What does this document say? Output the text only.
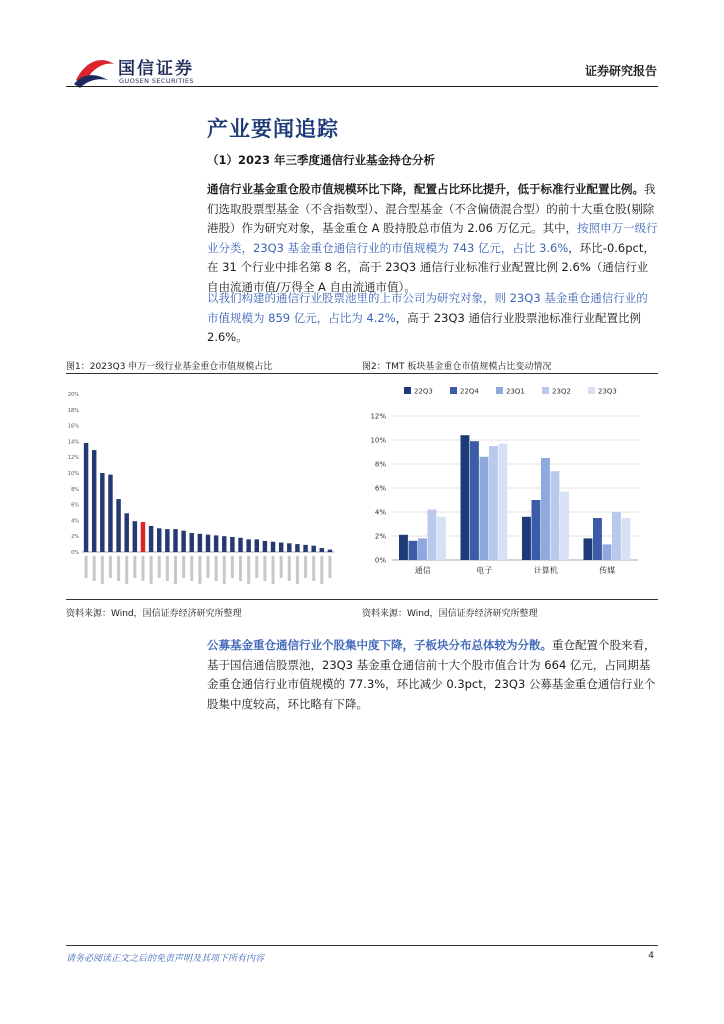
国信证券
GUOSEN SECURITIES
证券研究报告
产业要闻追踪
（1）2023 年三季度通信行业基金持仓分析
通信行业基金重仓股市值规模环比下降，配置占比环比提升，低于标准行业配置比例。我们选取股票型基金（不含指数型）、混合型基金（不含偏债混合型）的前十大重仓股(剔除港股）作为研究对象，基金重仓 A 股持股总市值为 2.06 万亿元。其中，按照申万一级行业分类，23Q3 基金重仓通信行业的市值规模为 743 亿元，占比 3.6%，环比-0.6pct，在 31 个行业中排名第 8 名，高于 23Q3 通信行业标准行业配置比例 2.6%（通信行业自由流通市值/万得全 A 自由流通市值）。
以我们构建的通信行业股票池里的上市公司为研究对象，则 23Q3 基金重仓通信行业的市值规模为 859 亿元，占比为 4.2%，高于 23Q3 通信行业股票池标准行业配置比例 2.6%。
图1：2023Q3 申万一级行业基金重仓市值规模占比	图2：TMT 板块基金重仓市值规模占比变动情况
0%
2%
4%
6%
8%
10%
12%
14%
16%
18%
20%	22Q3	22Q4	23Q1	23Q2	23Q3
0%
2%
4%
6%
8%
10%
12%
通信	电子	计算机	传媒
资料来源：Wind，国信证券经济研究所整理	资料来源：Wind，国信证券经济研究所整理
公募基金重仓通信行业个股集中度下降，子板块分布总体较为分散。重仓配置个股来看，基于国信通信股票池，23Q3 基金重仓通信前十大个股市值合计为 664 亿元，占同期基金重仓通信行业市值规模的 77.3%，环比减少 0.3pct，23Q3 公募基金重仓通信行业个股集中度较高，环比略有下降。
请务必阅读正文之后的免责声明及其项下所有内容	4
